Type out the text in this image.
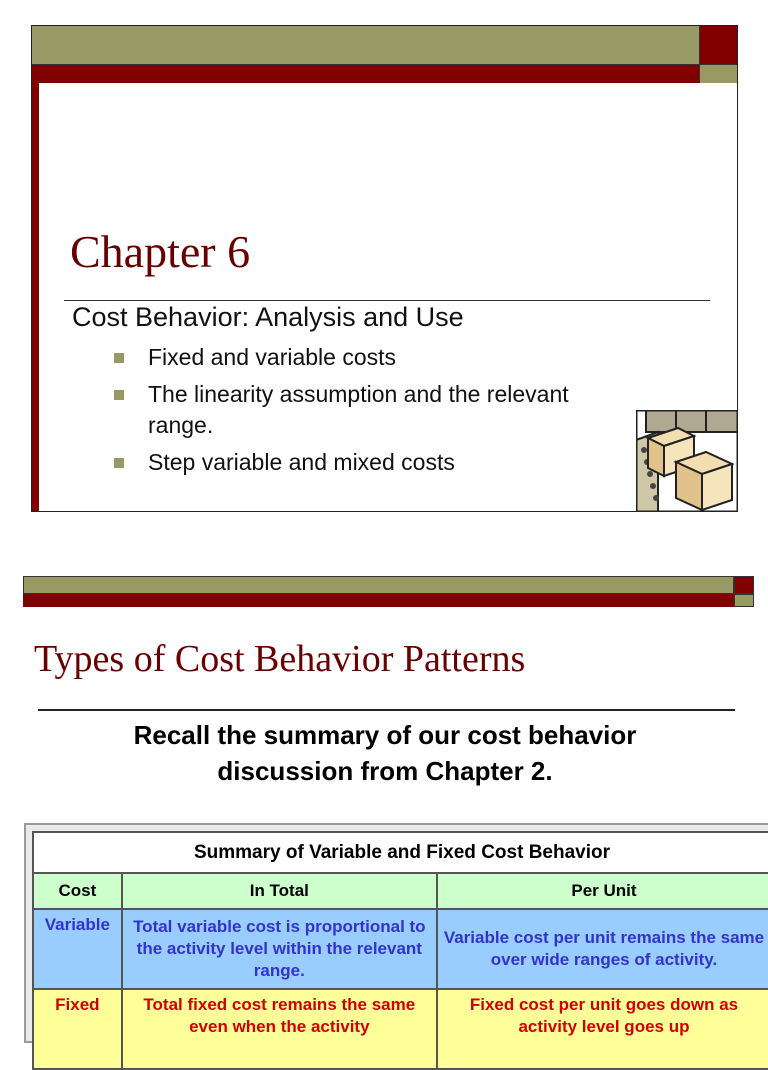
Chapter 6
Cost Behavior: Analysis and Use
Fixed and variable costs
The linearity assumption and the relevant range.
Step variable and mixed costs
Types of Cost Behavior Patterns
Recall the summary of our cost behavior
discussion from Chapter 2.
Summary of Variable and Fixed Cost Behavior		
Cost	In Total	Per Unit
Variable	Total variable cost is proportional to the activity level within the relevant range.	Variable cost per unit remains the same over wide ranges of activity.
Fixed	Total fixed cost remains the same even when the activity	Fixed cost per unit goes down as activity level goes up
